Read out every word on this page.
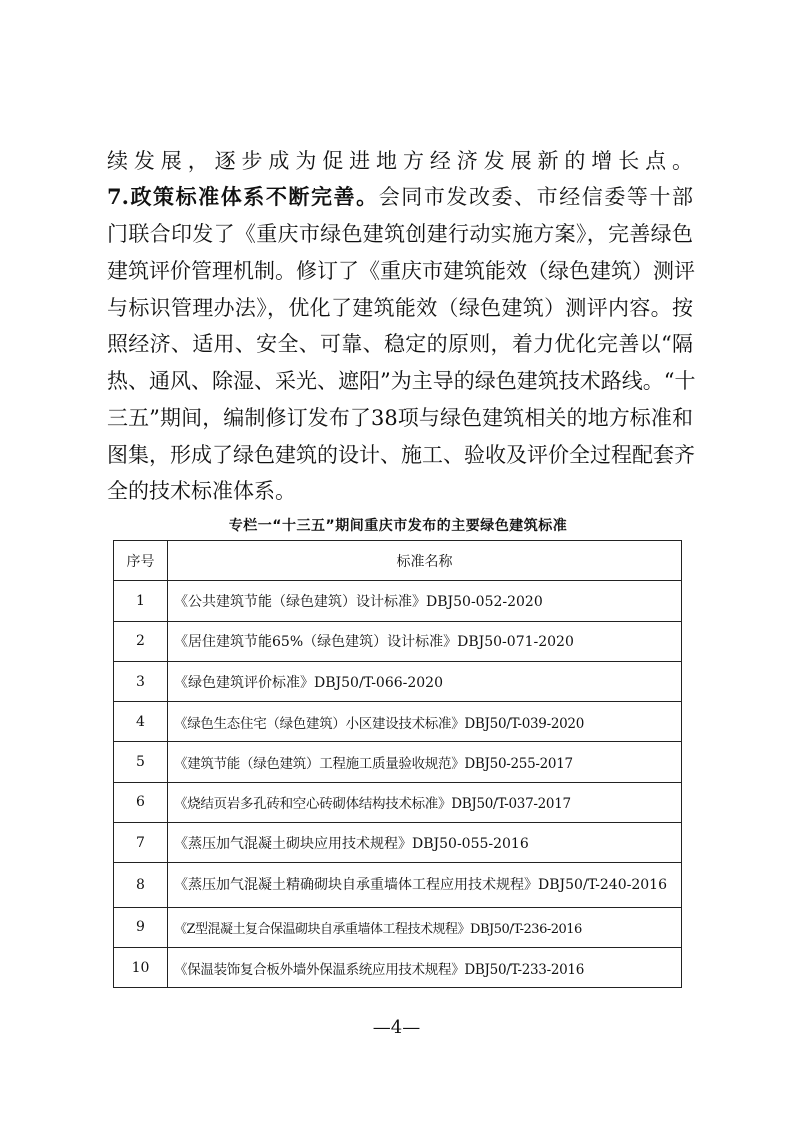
续发展，逐步成为促进地方经济发展新的增长点。
7.政策标准体系不断完善。会同市发改委、市经信委等十部
门联合印发了《重庆市绿色建筑创建行动实施方案》，完善绿色
建筑评价管理机制。修订了《重庆市建筑能效（绿色建筑）测评
与标识管理办法》，优化了建筑能效（绿色建筑）测评内容。按
照经济、适用、安全、可靠、稳定的原则，着力优化完善以“隔
热、通风、除湿、采光、遮阳”为主导的绿色建筑技术路线。“十
三五”期间，编制修订发布了38项与绿色建筑相关的地方标准和
图集，形成了绿色建筑的设计、施工、验收及评价全过程配套齐
全的技术标准体系。
专栏一“十三五”期间重庆市发布的主要绿色建筑标准
序号	标准名称
1	《公共建筑节能（绿色建筑）设计标准》DBJ50-052-2020
2	《居住建筑节能65%（绿色建筑）设计标准》DBJ50-071-2020
3	《绿色建筑评价标准》DBJ50/T-066-2020
4	《绿色生态住宅（绿色建筑）小区建设技术标准》DBJ50/T-039-2020
5	《建筑节能（绿色建筑）工程施工质量验收规范》DBJ50-255-2017
6	《烧结页岩多孔砖和空心砖砌体结构技术标准》DBJ50/T-037-2017
7	《蒸压加气混凝土砌块应用技术规程》DBJ50-055-2016
8	《蒸压加气混凝土精确砌块自承重墙体工程应用技术规程》DBJ50/T-240-2016
9	《Z型混凝土复合保温砌块自承重墙体工程技术规程》DBJ50/T-236-2016
10	《保温装饰复合板外墙外保温系统应用技术规程》DBJ50/T-233-2016
—4—
